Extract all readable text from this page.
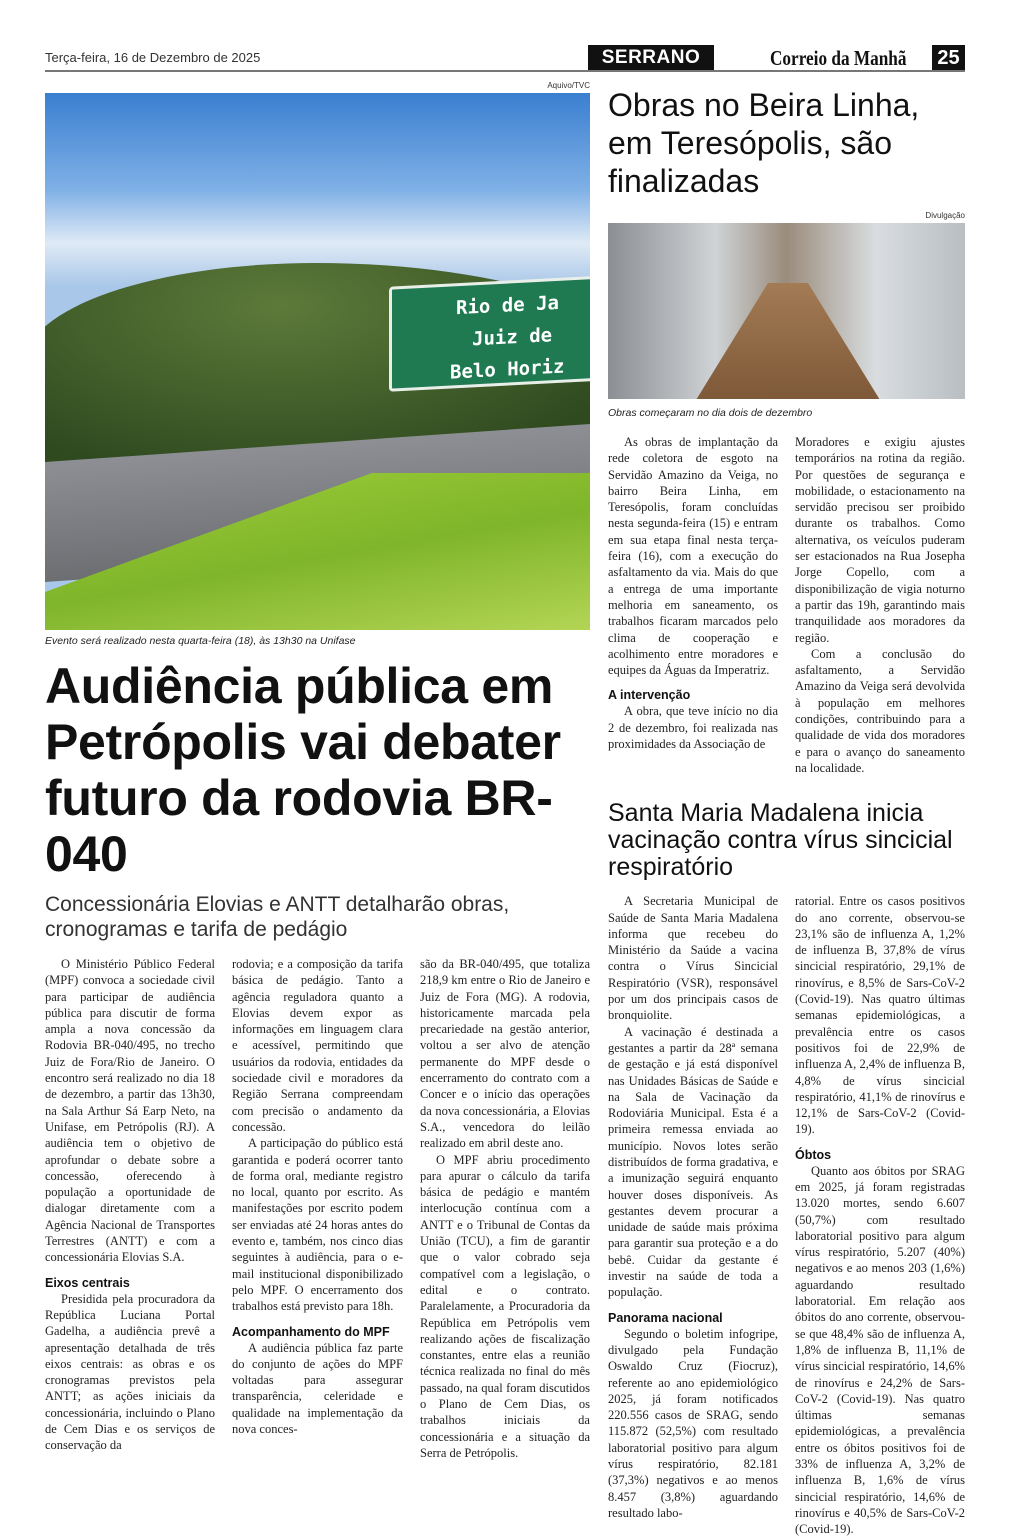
Terça-feira, 16 de Dezembro de 2025	SERRANO	Correio da Manhã 25
Aquivo/TVC
Rio de Ja
Juiz de
Belo Horiz
Evento será realizado nesta quarta-feira (18), às 13h30 na Unifase
Audiência pública em Petrópolis vai debater futuro da rodovia BR-040
Concessionária Elovias e ANTT detalharão obras, cronogramas e tarifa de pedágio

O Ministério Público Federal (MPF) convoca a sociedade civil para participar de audiência pública para discutir de forma ampla a nova concessão da Rodovia BR-040/495, no trecho Juiz de Fora/Rio de Janeiro. O encontro será realizado no dia 18 de dezembro, a partir das 13h30, na Sala Arthur Sá Earp Neto, na Unifase, em Petrópolis (RJ). A audiência tem o objetivo de aprofundar o debate sobre a concessão, oferecendo à população a oportunidade de dialogar diretamente com a Agência Nacional de Transportes Terrestres (ANTT) e com a concessionária Elovias S.A.

Eixos centrais

Presidida pela procuradora da República Luciana Portal Gadelha, a audiência prevê a apresentação detalhada de três eixos centrais: as obras e os cronogramas previstos pela ANTT; as ações iniciais da concessionária, incluindo o Plano de Cem Dias e os serviços de conservação da

rodovia; e a composição da tarifa básica de pedágio. Tanto a agência reguladora quanto a Elovias devem expor as informações em linguagem clara e acessível, permitindo que usuários da rodovia, entidades da sociedade civil e moradores da Região Serrana compreendam com precisão o andamento da concessão.

A participação do público está garantida e poderá ocorrer tanto de forma oral, mediante registro no local, quanto por escrito. As manifestações por escrito podem ser enviadas até 24 horas antes do evento e, também, nos cinco dias seguintes à audiência, para o e-mail institucional disponibilizado pelo MPF. O encerramento dos trabalhos está previsto para 18h.

Acompanhamento do MPF

A audiência pública faz parte do conjunto de ações do MPF voltadas para assegurar transparência, celeridade e qualidade na implementação da nova conces-

são da BR-040/495, que totaliza 218,9 km entre o Rio de Janeiro e Juiz de Fora (MG). A rodovia, historicamente marcada pela precariedade na gestão anterior, voltou a ser alvo de atenção permanente do MPF desde o encerramento do contrato com a Concer e o início das operações da nova concessionária, a Elovias S.A., vencedora do leilão realizado em abril deste ano.

O MPF abriu procedimento para apurar o cálculo da tarifa básica de pedágio e mantém interlocução contínua com a ANTT e o Tribunal de Contas da União (TCU), a fim de garantir que o valor cobrado seja compatível com a legislação, o edital e o contrato. Paralelamente, a Procuradoria da República em Petrópolis vem realizando ações de fiscalização constantes, entre elas a reunião técnica realizada no final do mês passado, na qual foram discutidos o Plano de Cem Dias, os trabalhos iniciais da concessionária e a situação da Serra de Petrópolis.

Obras no Beira Linha, em Teresópolis, são finalizadas
Divulgação
Obras começaram no dia dois de dezembro

As obras de implantação da rede coletora de esgoto na Servidão Amazino da Veiga, no bairro Beira Linha, em Teresópolis, foram concluídas nesta segunda-feira (15) e entram em sua etapa final nesta terça-feira (16), com a execução do asfaltamento da via. Mais do que a entrega de uma importante melhoria em saneamento, os trabalhos ficaram marcados pelo clima de cooperação e acolhimento entre moradores e equipes da Águas da Imperatriz.

A intervenção

A obra, que teve início no dia 2 de dezembro, foi realizada nas proximidades da Associação de

Moradores e exigiu ajustes temporários na rotina da região. Por questões de segurança e mobilidade, o estacionamento na servidão precisou ser proibido durante os trabalhos. Como alternativa, os veículos puderam ser estacionados na Rua Josepha Jorge Copello, com a disponibilização de vigia noturno a partir das 19h, garantindo mais tranquilidade aos moradores da região.

Com a conclusão do asfaltamento, a Servidão Amazino da Veiga será devolvida à população em melhores condições, contribuindo para a qualidade de vida dos moradores e para o avanço do saneamento na localidade.

Santa Maria Madalena inicia vacinação contra vírus sincicial respiratório

A Secretaria Municipal de Saúde de Santa Maria Madalena informa que recebeu do Ministério da Saúde a vacina contra o Vírus Sincicial Respiratório (VSR), responsável por um dos principais casos de bronquiolite.

A vacinação é destinada a gestantes a partir da 28ª semana de gestação e já está disponível nas Unidades Básicas de Saúde e na Sala de Vacinação da Rodoviária Municipal. Esta é a primeira remessa enviada ao município. Novos lotes serão distribuídos de forma gradativa, e a imunização seguirá enquanto houver doses disponíveis. As gestantes devem procurar a unidade de saúde mais próxima para garantir sua proteção e a do bebê. Cuidar da gestante é investir na saúde de toda a população.

Panorama nacional

Segundo o boletim infogripe, divulgado pela Fundação Oswaldo Cruz (Fiocruz), referente ao ano epidemiológico 2025, já foram notificados 220.556 casos de SRAG, sendo 115.872 (52,5%) com resultado laboratorial positivo para algum vírus respiratório, 82.181 (37,3%) negativos e ao menos 8.457 (3,8%) aguardando resultado labo-

ratorial. Entre os casos positivos do ano corrente, observou-se 23,1% são de influenza A, 1,2% de influenza B, 37,8% de vírus sincicial respiratório, 29,1% de rinovírus, e 8,5% de Sars-CoV-2 (Covid-19). Nas quatro últimas semanas epidemiológicas, a prevalência entre os casos positivos foi de 22,9% de influenza A, 2,4% de influenza B, 4,8% de vírus sincicial respiratório, 41,1% de rinovírus e 12,1% de Sars-CoV-2 (Covid-19).

Óbtos

Quanto aos óbitos por SRAG em 2025, já foram registradas 13.020 mortes, sendo 6.607 (50,7%) com resultado laboratorial positivo para algum vírus respiratório, 5.207 (40%) negativos e ao menos 203 (1,6%) aguardando resultado laboratorial. Em relação aos óbitos do ano corrente, observou-se que 48,4% são de influenza A, 1,8% de influenza B, 11,1% de vírus sincicial respiratório, 14,6% de rinovírus e 24,2% de Sars-CoV-2 (Covid-19). Nas quatro últimas semanas epidemiológicas, a prevalência entre os óbitos positivos foi de 33% de influenza A, 3,2% de influenza B, 1,6% de vírus sincicial respiratório, 14,6% de rinovírus e 40,5% de Sars-CoV-2 (Covid-19).
